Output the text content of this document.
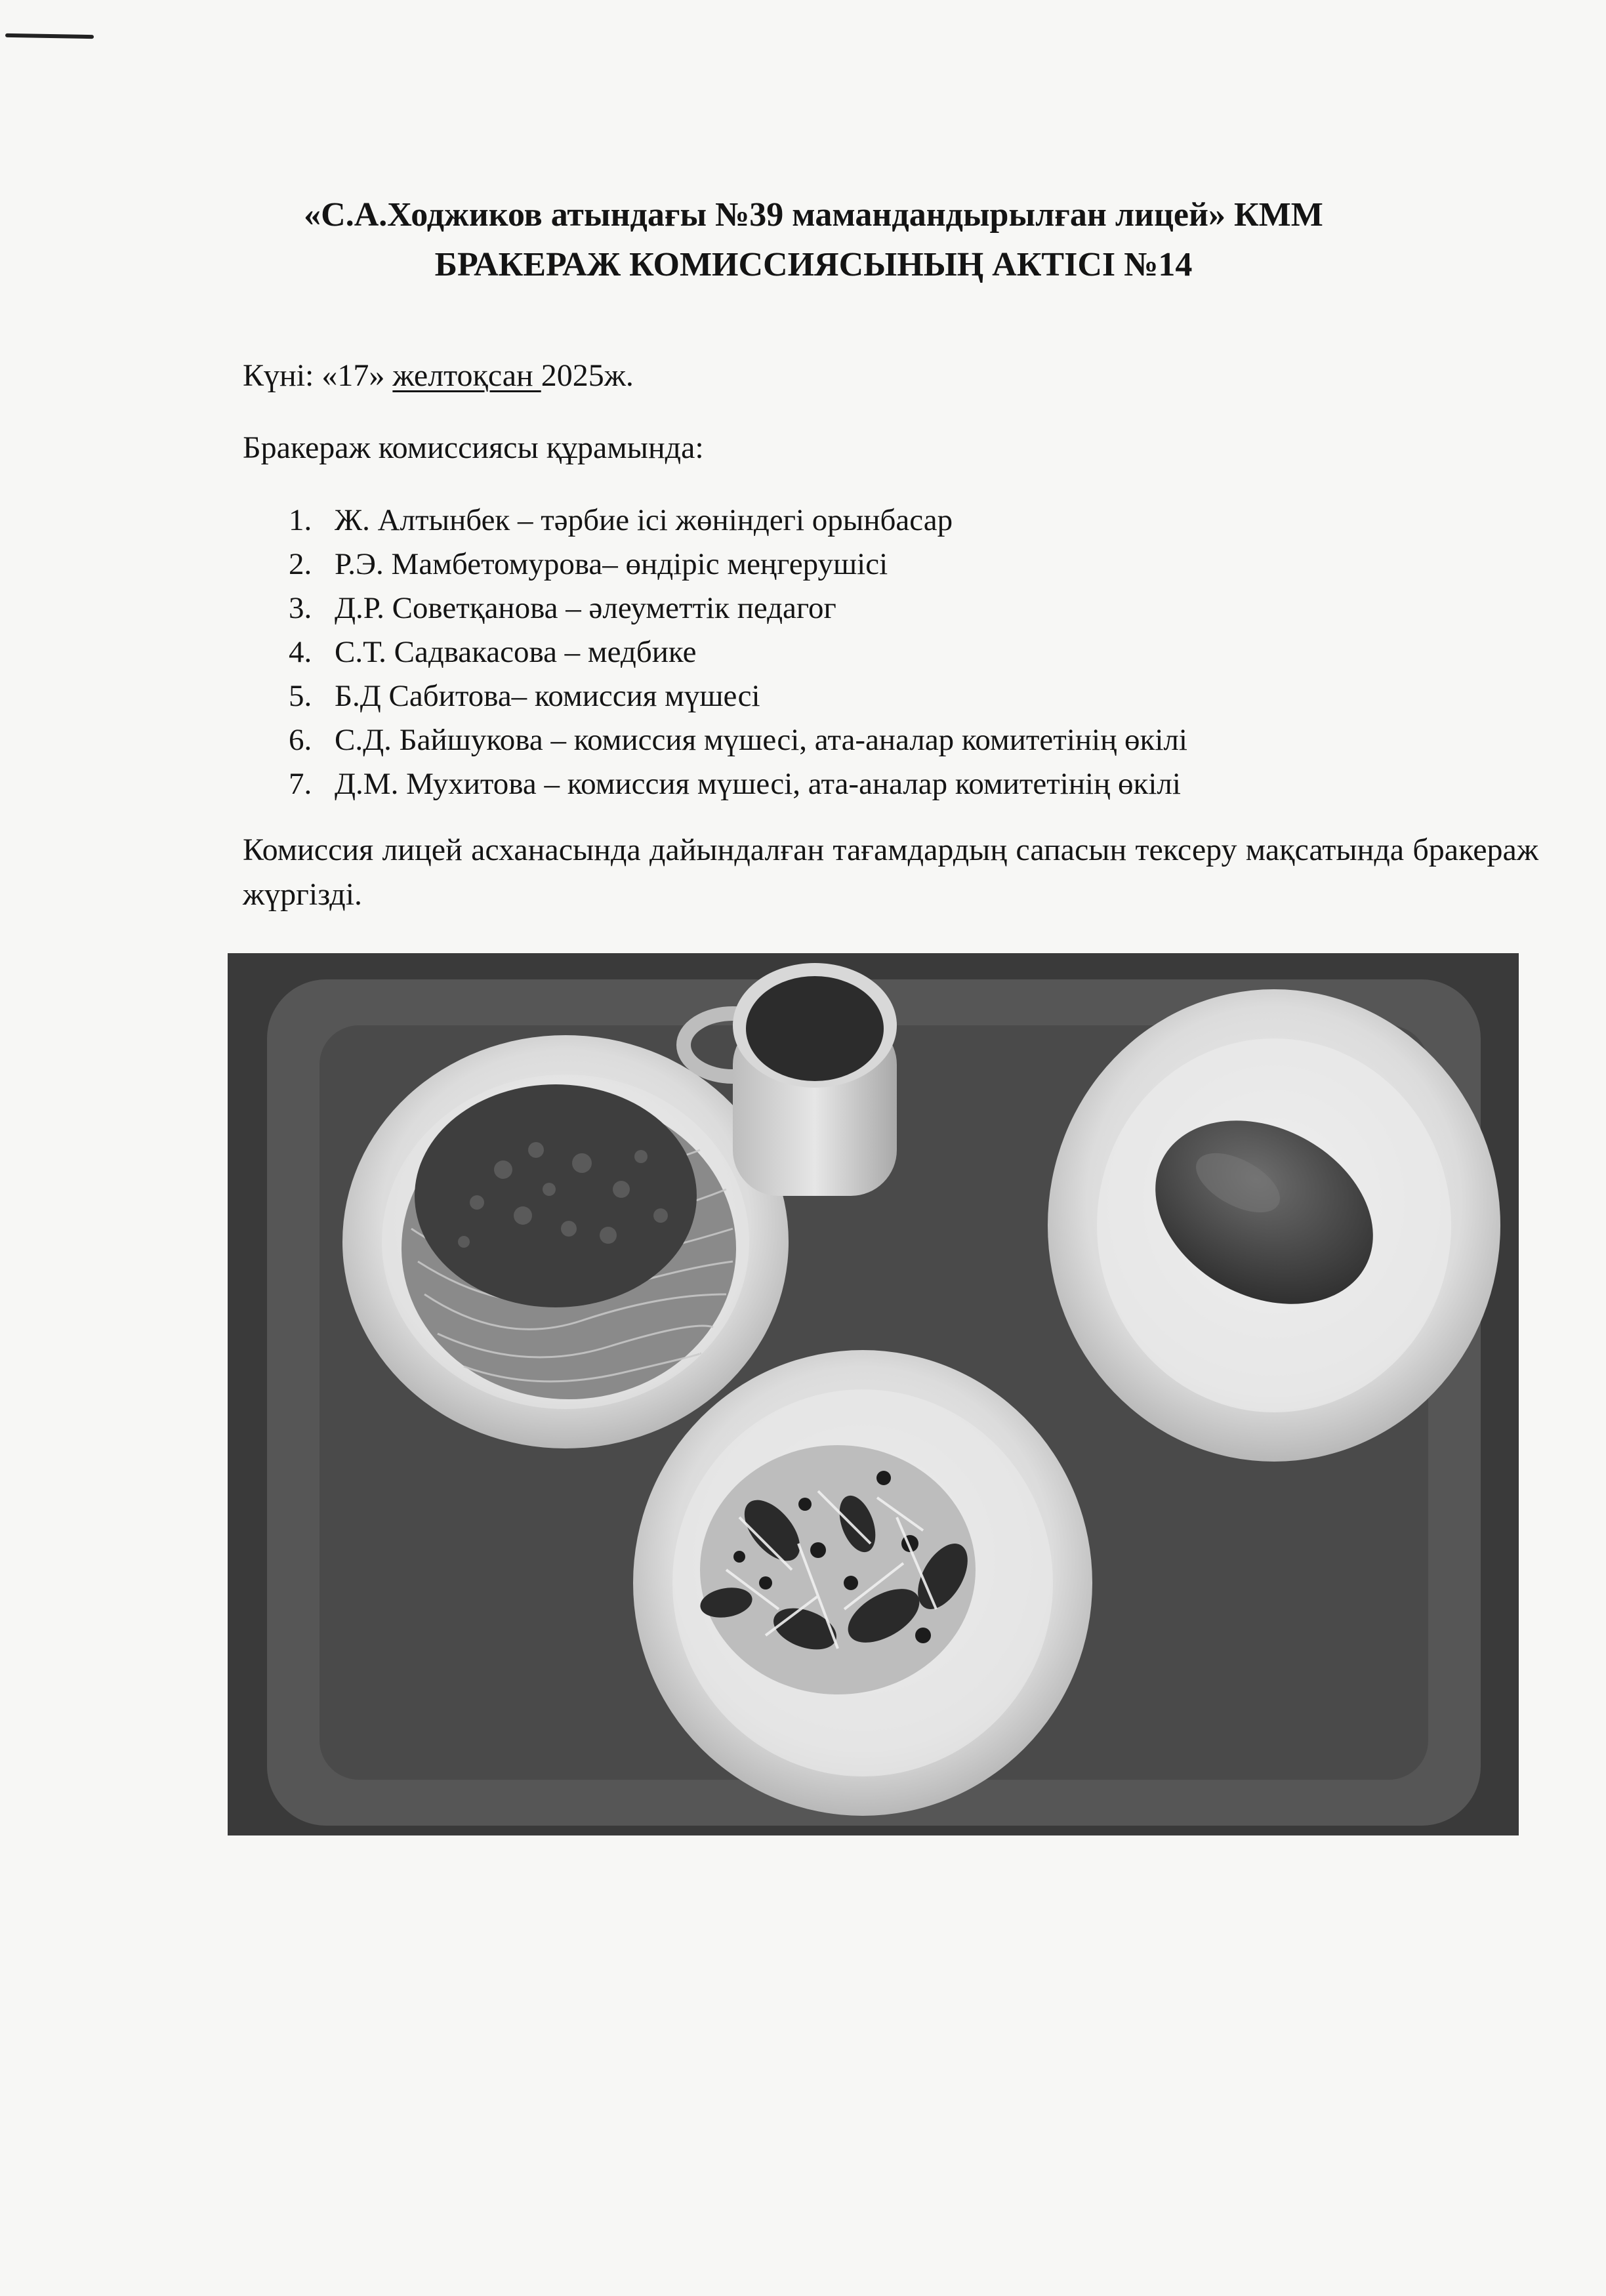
«С.А.Ходжиков атындағы №39 мамандандырылған лицей» КММ
БРАКЕРАЖ КОМИССИЯСЫНЫҢ АКТІСІ №14
Күні: «17» желтоқсан 2025ж.
Бракераж комиссиясы құрамында:
1. Ж. Алтынбек – тәрбие ісі жөніндегі орынбасар
2. Р.Э. Мамбетомурова– өндіріс меңгерушісі
3. Д.Р. Советқанова – әлеуметтік педагог
4. С.Т. Садвакасова – медбике
5. Б.Д Сабитова– комиссия мүшесі
6. С.Д. Байшукова – комиссия мүшесі, ата-аналар комитетінің өкілі
7. Д.М. Мухитова – комиссия мүшесі, ата-аналар комитетінің өкілі
Комиссия лицей асханасында дайындалған тағамдардың сапасын тексеру мақсатында бракераж жүргізді.
